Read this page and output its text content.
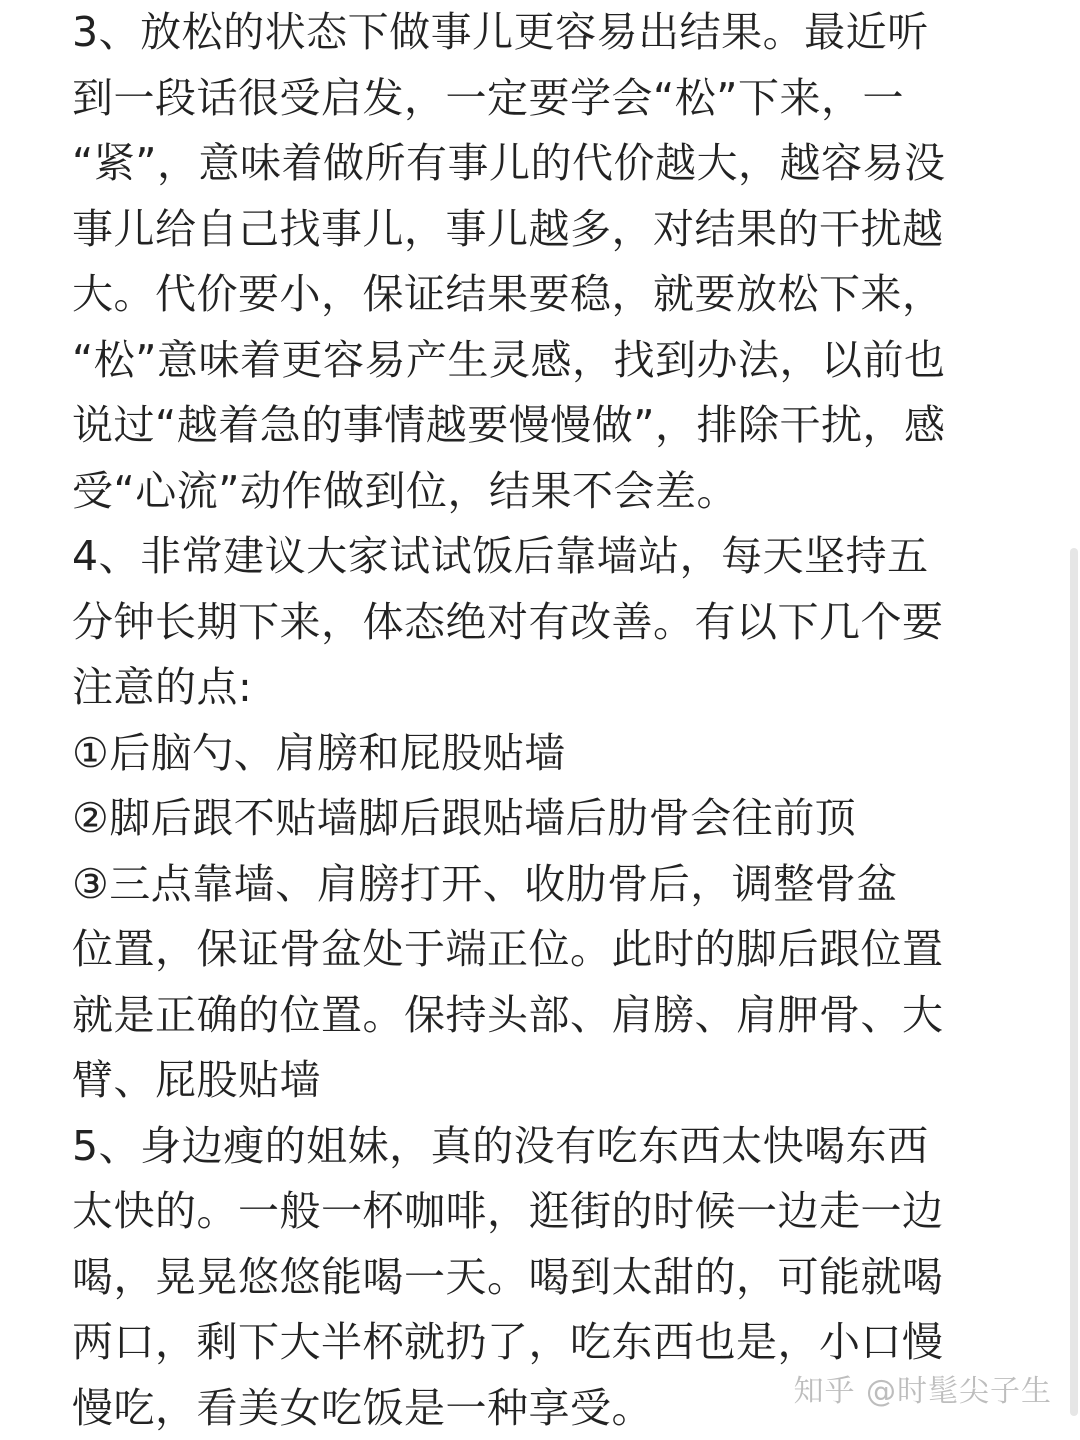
3、放松的状态下做事儿更容易出结果。最近听
到一段话很受启发，一定要学会“松”下来，一
“紧”，意味着做所有事儿的代价越大，越容易没
事儿给自己找事儿，事儿越多，对结果的干扰越
大。代价要小，保证结果要稳，就要放松下来，
“松”意味着更容易产生灵感，找到办法，以前也
说过“越着急的事情越要慢慢做”，排除干扰，感
受“心流”动作做到位，结果不会差。
4、非常建议大家试试饭后靠墙站，每天坚持五
分钟长期下来，体态绝对有改善。有以下几个要
注意的点:
①后脑勺、肩膀和屁股贴墙
②脚后跟不贴墙脚后跟贴墙后肋骨会往前顶
③三点靠墙、肩膀打开、收肋骨后，调整骨盆
位置，保证骨盆处于端正位。此时的脚后跟位置
就是正确的位置。保持头部、肩膀、肩胛骨、大
臂、屁股贴墙
5、身边瘦的姐妹，真的没有吃东西太快喝东西
太快的。一般一杯咖啡，逛街的时候一边走一边
喝，晃晃悠悠能喝一天。喝到太甜的，可能就喝
两口，剩下大半杯就扔了，吃东西也是，小口慢
慢吃，看美女吃饭是一种享受。	知乎 @时髦尖子生
